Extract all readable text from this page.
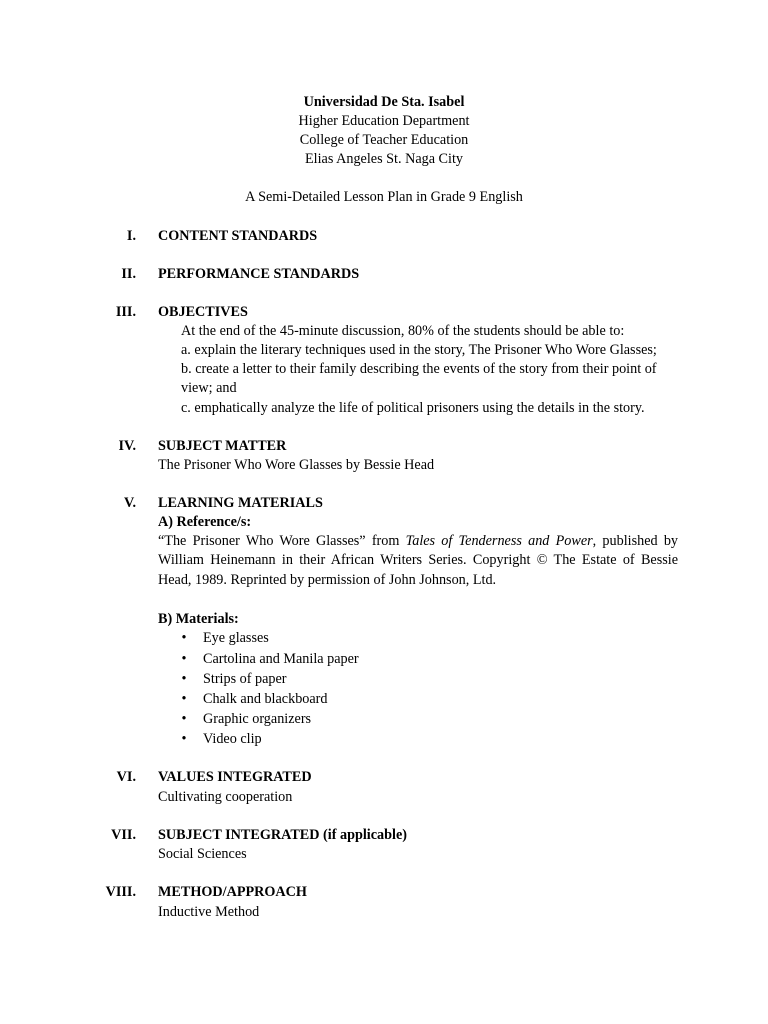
Universidad De Sta. Isabel
Higher Education Department
College of Teacher Education
Elias Angeles St. Naga City
A Semi-Detailed Lesson Plan in Grade 9 English
I. CONTENT STANDARDS
II. PERFORMANCE STANDARDS
III. OBJECTIVES
At the end of the 45-minute discussion, 80% of the students should be able to:
a. explain the literary techniques used in the story, The Prisoner Who Wore Glasses;
b. create a letter to their family describing the events of the story from their point of view; and
c. emphatically analyze the life of political prisoners using the details in the story.
IV. SUBJECT MATTER
The Prisoner Who Wore Glasses by Bessie Head
V. LEARNING MATERIALS
A) Reference/s:
“The Prisoner Who Wore Glasses” from Tales of Tenderness and Power, published by William Heinemann in their African Writers Series. Copyright © The Estate of Bessie Head, 1989. Reprinted by permission of John Johnson, Ltd.
B) Materials:
• Eye glasses
• Cartolina and Manila paper
• Strips of paper
• Chalk and blackboard
• Graphic organizers
• Video clip
VI. VALUES INTEGRATED
Cultivating cooperation
VII. SUBJECT INTEGRATED (if applicable)
Social Sciences
VIII. METHOD/APPROACH
Inductive Method
